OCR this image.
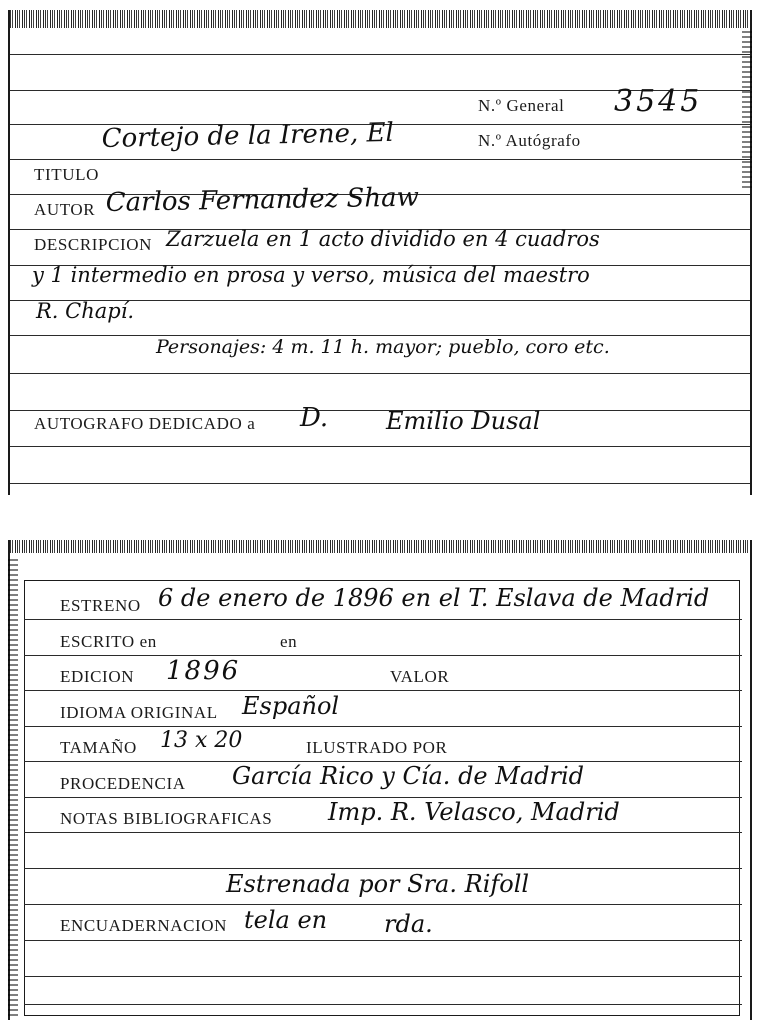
N.º General 3545
N.º Autógrafo
Cortejo de la Irene, El
TITULO
AUTOR Carlos Fernandez Shaw
DESCRIPCION Zarzuela en 1 acto dividido en 4 cuadros
y 1 intermedio en prosa y verso, música del maestro
R. Chapí.
Personajes: 4 m. 11 h. mayor; pueblo, coro etc.
AUTOGRAFO DEDICADO a D. Emilio Dusal
ESTRENO 6 de enero de 1896 en el T. Eslava de Madrid
ESCRITO en	en
EDICION 1896	VALOR
IDIOMA ORIGINAL Español
TAMAÑO 13 x 20	ILUSTRADO POR
PROCEDENCIA García Rico y Cía. de Madrid
NOTAS BIBLIOGRAFICAS Imp. R. Velasco, Madrid
Estrenada por Sra. Rifoll
ENCUADERNACION tela en rda.
